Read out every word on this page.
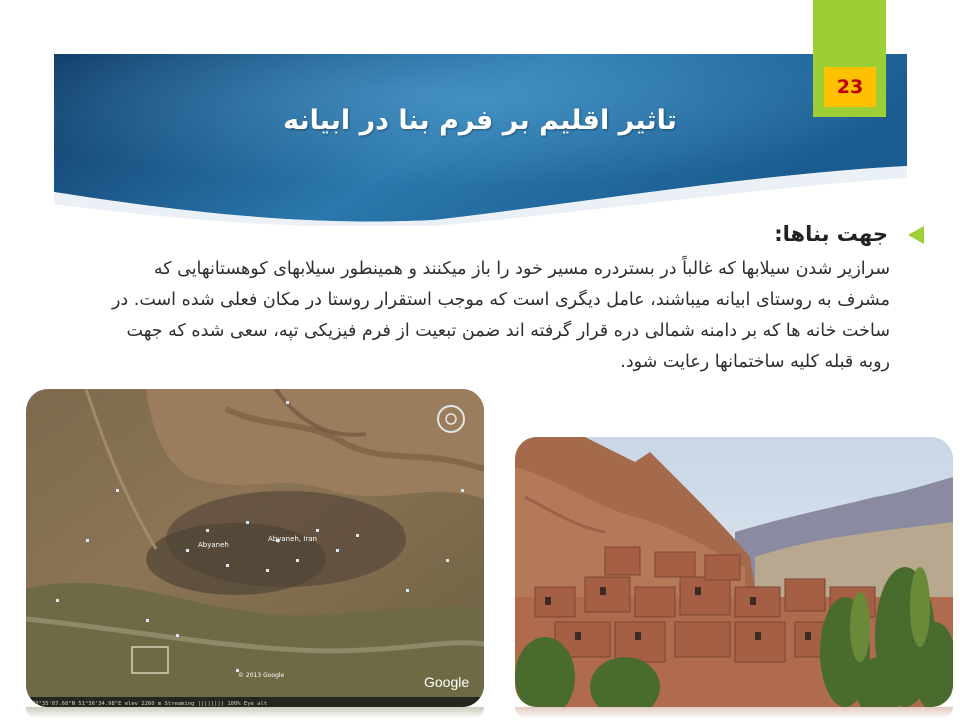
تاثیر اقلیم بر فرم بنا در ابیانه
23
جهت بناها:
سرازیر شدن سیلابها که غالباً در بستردره مسیر خود را باز میکنند و همینطور سیلابهای کوهستانهایی که
مشرف به روستای ابیانه میباشند، عامل دیگری است که موجب استقرار روستا در مکان فعلی شده است. در
ساخت خانه ها که بر دامنه شمالی دره قرار گرفته اند ضمن تبعیت از فرم فیزیکی تپه، سعی شده که جهت
روبه قبله کلیه ساختمانها رعایت شود.
Abyaneh
Abyaneh, Iran
Google
© 2013 Google
33°35'07.60"N 51°36'34.98"E elev 2260 m Streaming |||||||| 100% Eye alt
